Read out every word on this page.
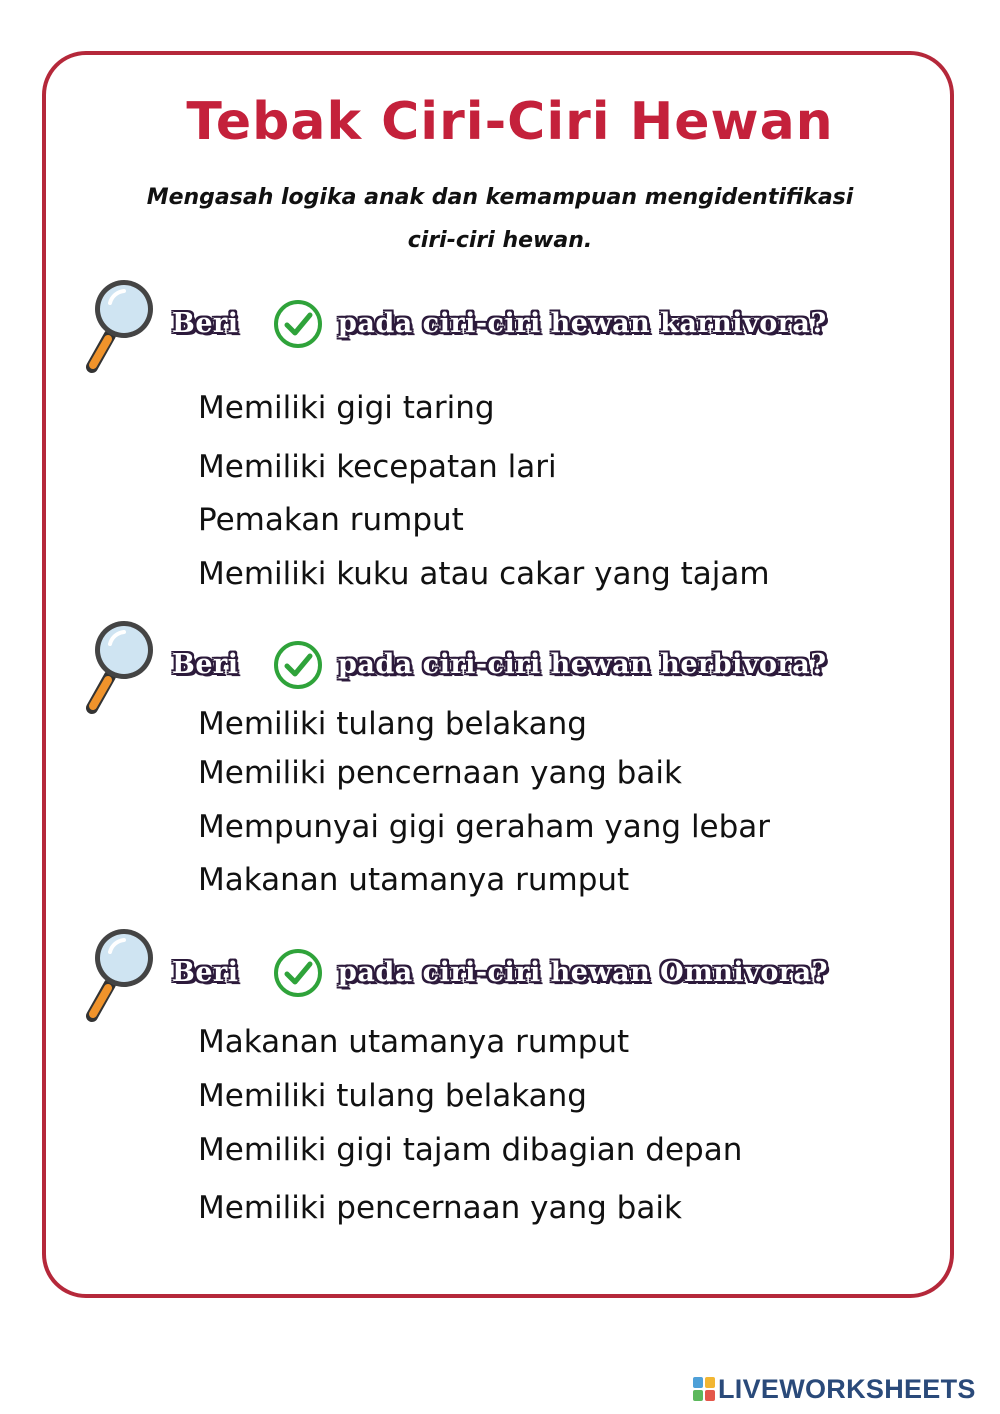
Tebak Ciri-Ciri Hewan
Mengasah logika anak dan kemampuan mengidentifikasi
ciri-ciri hewan.
Beri	pada ciri-ciri hewan karnivora?
Memiliki gigi taring
Memiliki kecepatan lari
Pemakan rumput
Memiliki kuku atau cakar yang tajam
Beri	pada ciri-ciri hewan herbivora?
Memiliki tulang belakang
Memiliki pencernaan yang baik
Mempunyai gigi geraham yang lebar
Makanan utamanya rumput
Beri	pada ciri-ciri hewan Omnivora?
Makanan utamanya rumput
Memiliki tulang belakang
Memiliki gigi tajam dibagian depan
Memiliki pencernaan yang baik
LIVEWORKSHEETS
